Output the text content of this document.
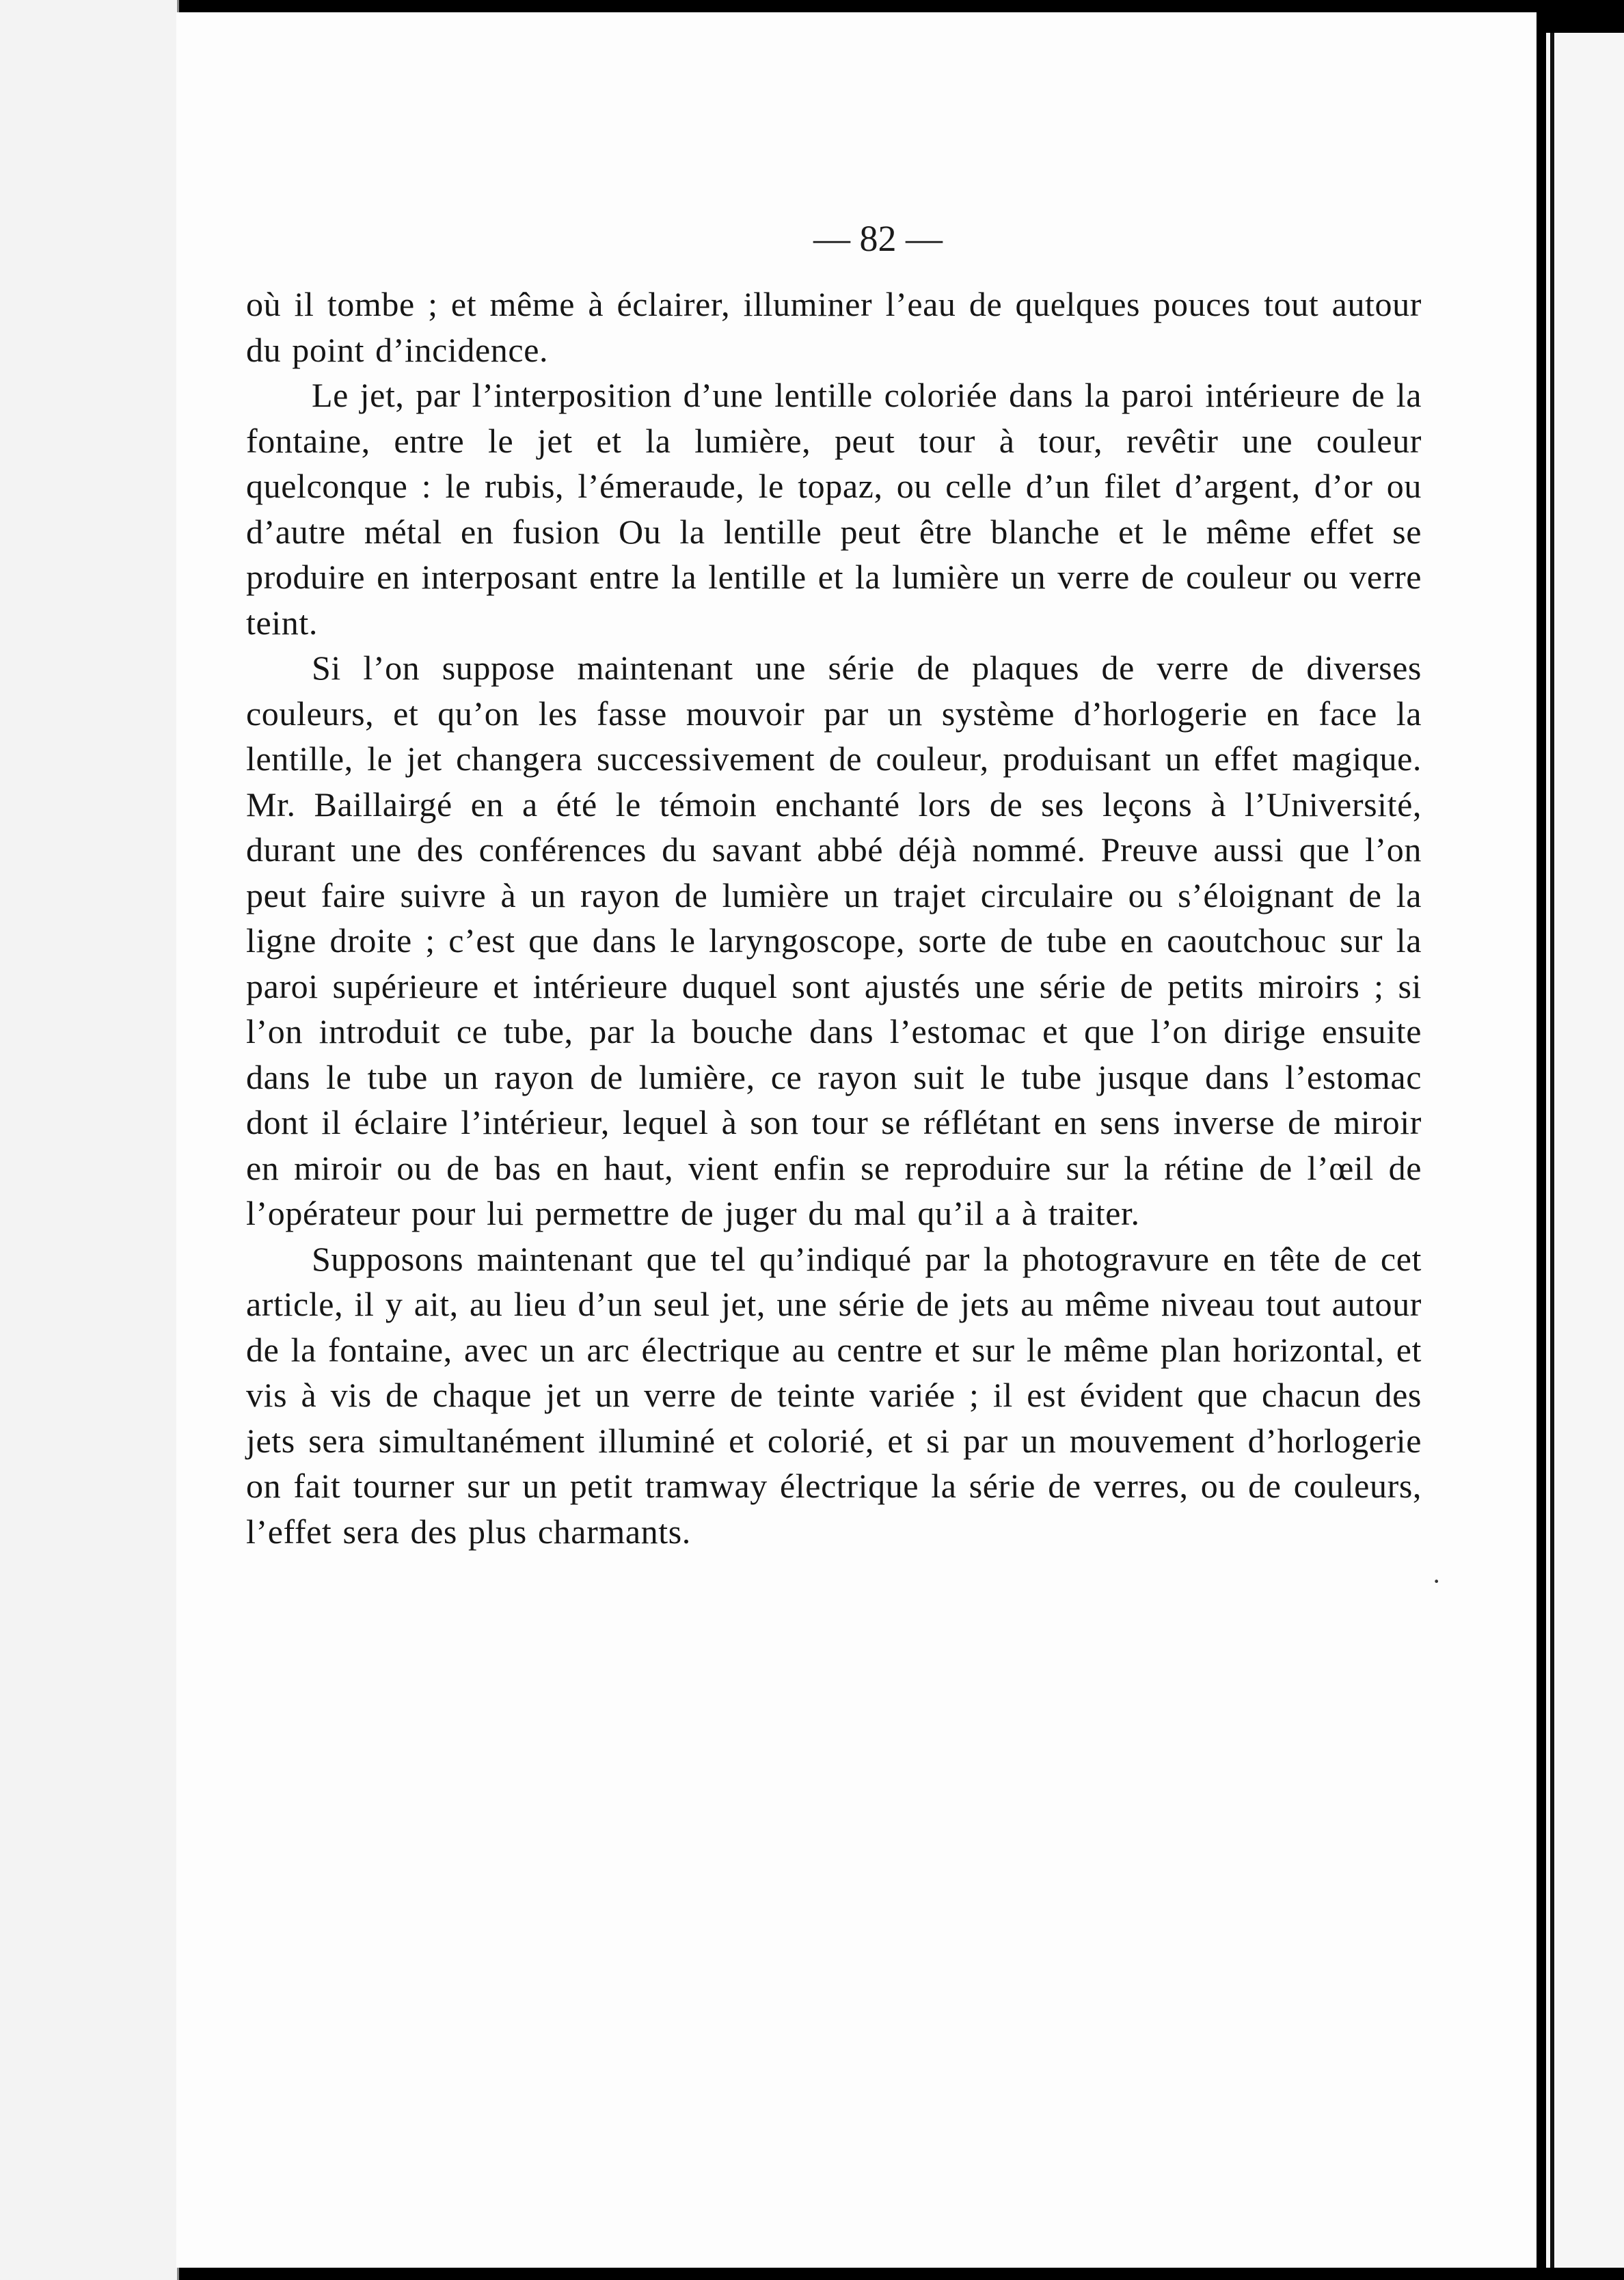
— 82 —

où il tombe ; et même à éclairer, illuminer l’eau de quelques pouces tout autour du point d’incidence.

Le jet, par l’interposition d’une lentille coloriée dans la paroi intérieure de la fontaine, entre le jet et la lumière, peut tour à tour, revêtir une couleur quelconque : le rubis, l’émeraude, le topaz, ou celle d’un filet d’argent, d’or ou d’autre métal en fusion Ou la lentille peut être blanche et le même effet se produire en interposant entre la lentille et la lumière un verre de couleur ou verre teint.

Si l’on suppose maintenant une série de plaques de verre de diverses couleurs, et qu’on les fasse mouvoir par un système d’horlogerie en face la lentille, le jet changera successivement de couleur, produisant un effet magique. Mr. Baillairgé en a été le témoin enchanté lors de ses leçons à l’Université, durant une des conférences du savant abbé déjà nommé. Preuve aussi que l’on peut faire suivre à un rayon de lumière un trajet circulaire ou s’éloignant de la ligne droite ; c’est que dans le laryngoscope, sorte de tube en caoutchouc sur la paroi supérieure et intérieure duquel sont ajustés une série de petits miroirs ; si l’on introduit ce tube, par la bouche dans l’estomac et que l’on dirige ensuite dans le tube un rayon de lumière, ce rayon suit le tube jusque dans l’estomac dont il éclaire l’intérieur, lequel à son tour se réflétant en sens inverse de miroir en miroir ou de bas en haut, vient enfin se reproduire sur la rétine de l’œil de l’opérateur pour lui permettre de juger du mal qu’il a à traiter.

Supposons maintenant que tel qu’indiqué par la photogravure en tête de cet article, il y ait, au lieu d’un seul jet, une série de jets au même niveau tout autour de la fontaine, avec un arc électrique au centre et sur le même plan horizontal, et vis à vis de chaque jet un verre de teinte variée ; il est évident que chacun des jets sera simultanément illuminé et colorié, et si par un mouvement d’horlogerie on fait tourner sur un petit tramway électrique la série de verres, ou de couleurs, l’effet sera des plus charmants.

·
